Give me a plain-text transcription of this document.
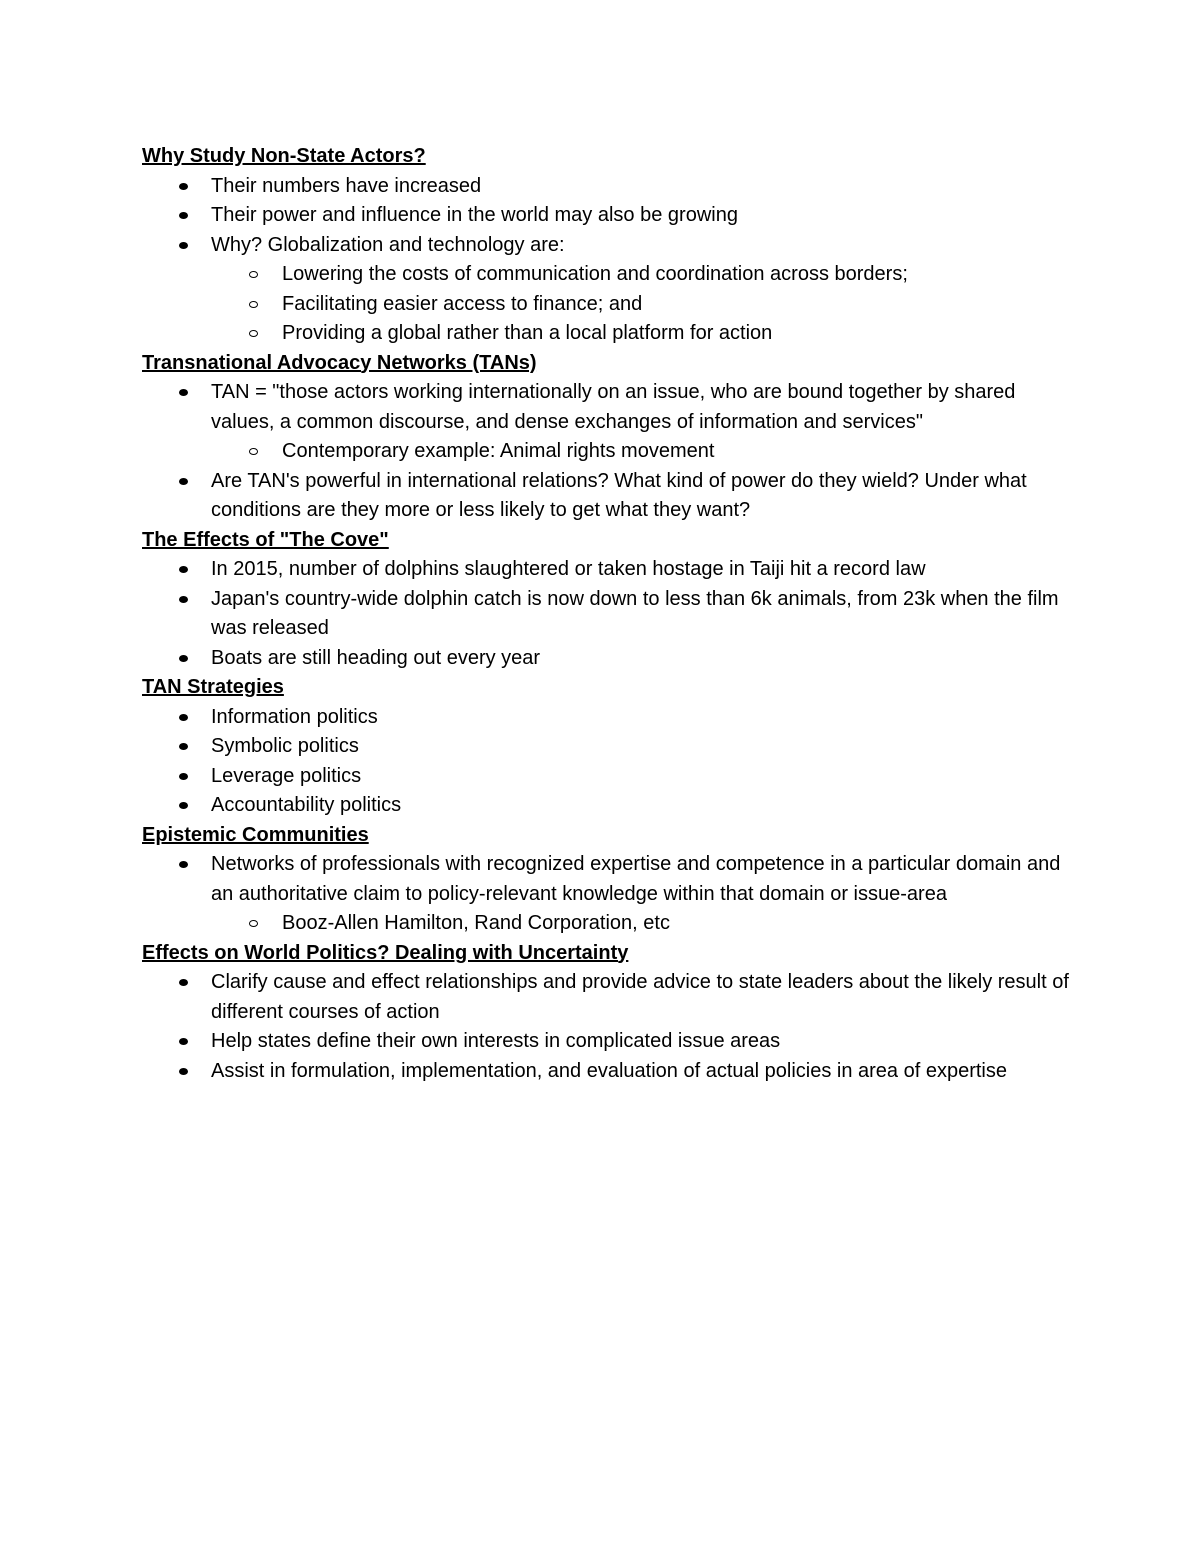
Why Study Non-State Actors?

Their numbers have increased
Their power and influence in the world may also be growing
Why? Globalization and technology are:
Lowering the costs of communication and coordination across borders;
Facilitating easier access to finance; and
Providing a global rather than a local platform for action

Transnational Advocacy Networks (TANs)

TAN = "those actors working internationally on an issue, who are bound together by shared values, a common discourse, and dense exchanges of information and services"
Contemporary example: Animal rights movement
Are TAN's powerful in international relations? What kind of power do they wield? Under what conditions are they more or less likely to get what they want?

The Effects of "The Cove"

In 2015, number of dolphins slaughtered or taken hostage in Taiji hit a record law
Japan's country-wide dolphin catch is now down to less than 6k animals, from 23k when the film was released
Boats are still heading out every year

TAN Strategies

Information politics
Symbolic politics
Leverage politics
Accountability politics

Epistemic Communities

Networks of professionals with recognized expertise and competence in a particular domain and an authoritative claim to policy-relevant knowledge within that domain or issue-area
Booz-Allen Hamilton, Rand Corporation, etc

Effects on World Politics? Dealing with Uncertainty

Clarify cause and effect relationships and provide advice to state leaders about the likely result of different courses of action
Help states define their own interests in complicated issue areas
Assist in formulation, implementation, and evaluation of actual policies in area of expertise
